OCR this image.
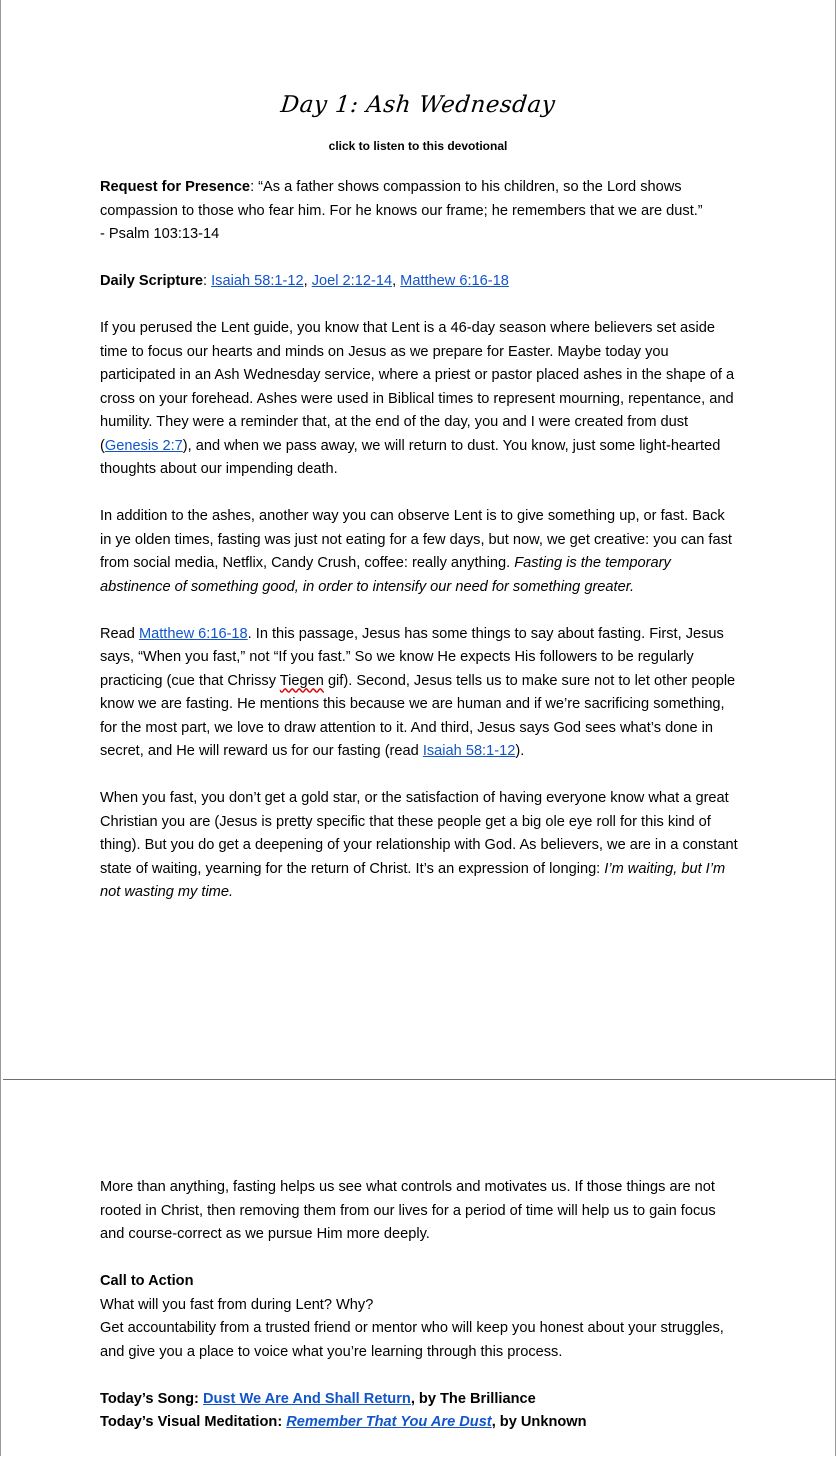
Day 1: Ash Wednesday
click to listen to this devotional

Request for Presence: “As a father shows compassion to his children, so the Lord shows compassion to those who fear him. For he knows our frame; he remembers that we are dust.”
- Psalm 103:13-14

Daily Scripture: Isaiah 58:1-12, Joel 2:12-14, Matthew 6:16-18

If you perused the Lent guide, you know that Lent is a 46-day season where believers set aside time to focus our hearts and minds on Jesus as we prepare for Easter. Maybe today you participated in an Ash Wednesday service, where a priest or pastor placed ashes in the shape of a cross on your forehead. Ashes were used in Biblical times to represent mourning, repentance, and humility. They were a reminder that, at the end of the day, you and I were created from dust (Genesis 2:7), and when we pass away, we will return to dust. You know, just some light-hearted thoughts about our impending death.

In addition to the ashes, another way you can observe Lent is to give something up, or fast. Back in ye olden times, fasting was just not eating for a few days, but now, we get creative: you can fast from social media, Netflix, Candy Crush, coffee: really anything. Fasting is the temporary abstinence of something good, in order to intensify our need for something greater.

Read Matthew 6:16-18. In this passage, Jesus has some things to say about fasting. First, Jesus says, “When you fast,” not “If you fast.” So we know He expects His followers to be regularly practicing (cue that Chrissy Tiegen gif). Second, Jesus tells us to make sure not to let other people know we are fasting. He mentions this because we are human and if we’re sacrificing something, for the most part, we love to draw attention to it. And third, Jesus says God sees what’s done in secret, and He will reward us for our fasting (read Isaiah 58:1-12).

When you fast, you don’t get a gold star, or the satisfaction of having everyone know what a great Christian you are (Jesus is pretty specific that these people get a big ole eye roll for this kind of thing). But you do get a deepening of your relationship with God. As believers, we are in a constant state of waiting, yearning for the return of Christ. It’s an expression of longing: I’m waiting, but I’m not wasting my time.

More than anything, fasting helps us see what controls and motivates us. If those things are not rooted in Christ, then removing them from our lives for a period of time will help us to gain focus and course-correct as we pursue Him more deeply.

Call to Action
What will you fast from during Lent? Why?
Get accountability from a trusted friend or mentor who will keep you honest about your struggles, and give you a place to voice what you’re learning through this process.

Today’s Song: Dust We Are And Shall Return, by The Brilliance
Today’s Visual Meditation: Remember That You Are Dust, by Unknown
